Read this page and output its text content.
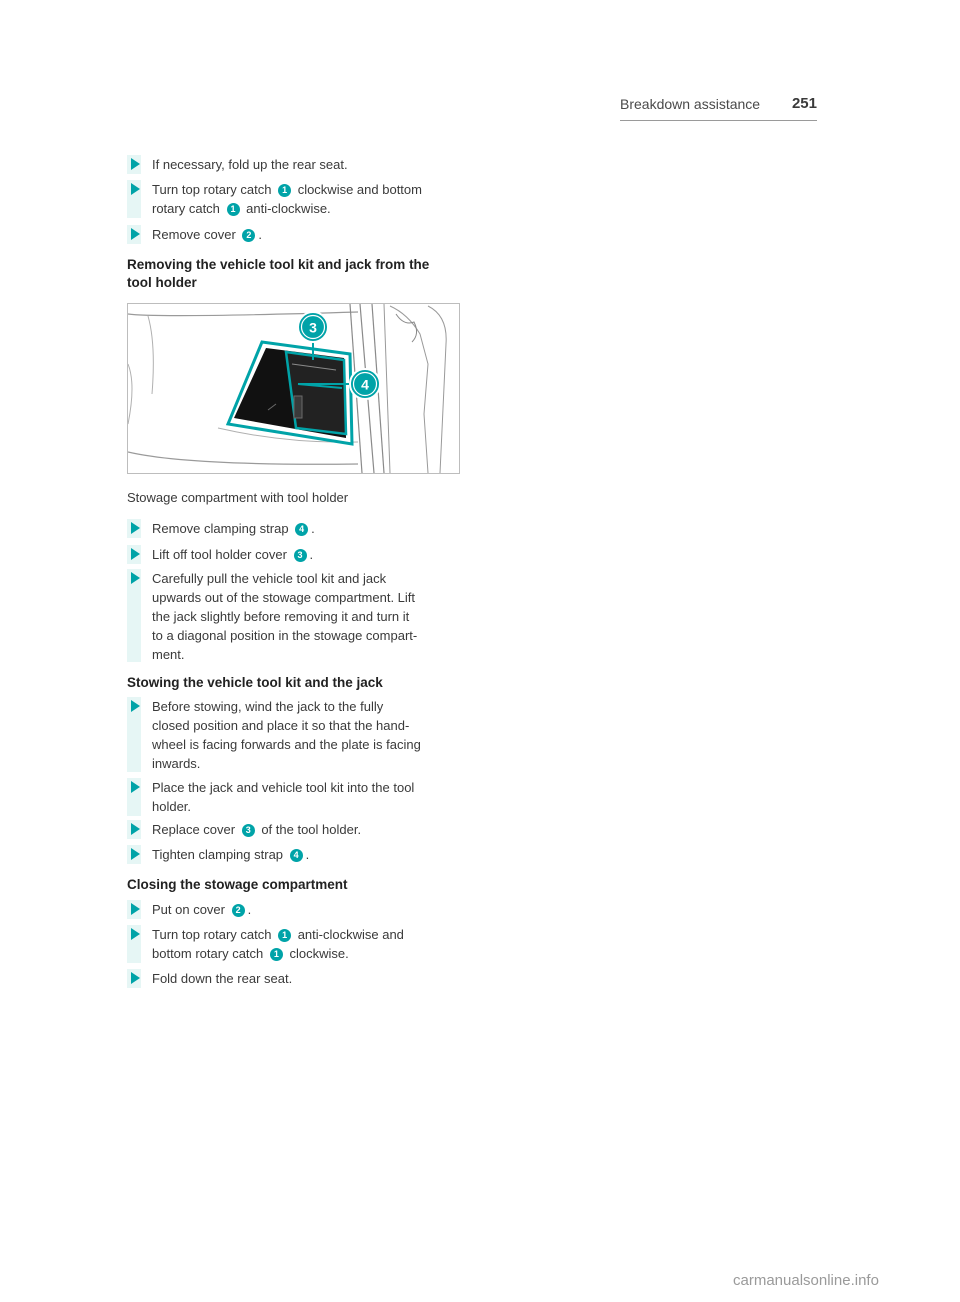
Breakdown assistance 251
If necessary, fold up the rear seat.
Turn top rotary catch 1 clockwise and bottom
rotary catch 1 anti-clockwise.
Remove cover 2 .
Removing the vehicle tool kit and jack from the
tool holder
Stowage compartment with tool holder
Remove clamping strap 4 .
Lift off tool holder cover 3 .
Carefully pull the vehicle tool kit and jack
upwards out of the stowage compartment. Lift
the jack slightly before removing it and turn it
to a diagonal position in the stowage compart-
ment.
Stowing the vehicle tool kit and the jack
Before stowing, wind the jack to the fully
closed position and place it so that the hand-
wheel is facing forwards and the plate is facing
inwards.
Place the jack and vehicle tool kit into the tool
holder.
Replace cover 3 of the tool holder.
Tighten clamping strap 4 .
Closing the stowage compartment
Put on cover 2 .
Turn top rotary catch 1 anti-clockwise and
bottom rotary catch 1 clockwise.
Fold down the rear seat.
3
4
carmanualsonline.info
